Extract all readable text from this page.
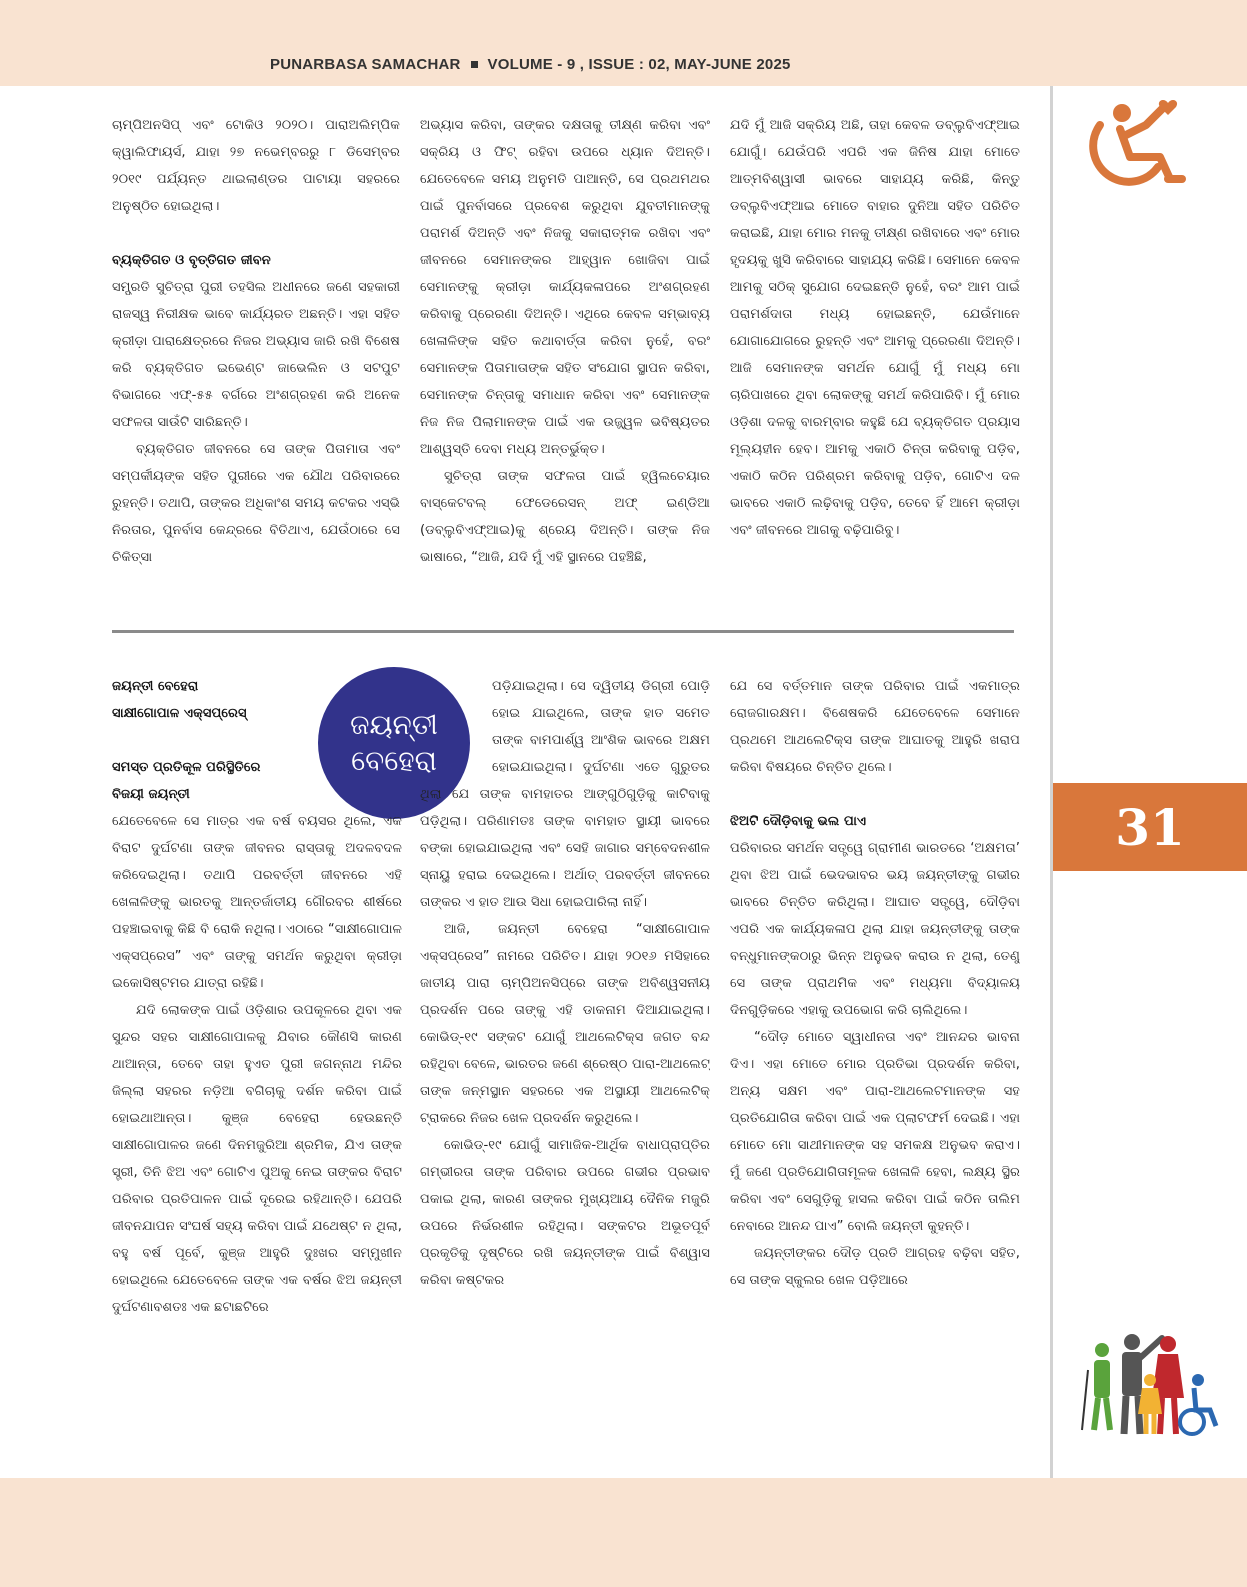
PUNARBASA SAMACHAR VOLUME - 9 , ISSUE : 02, MAY-JUNE 2025
31

ଚାମ୍ପିଅନସିପ୍ ଏବଂ ଟୋକିଓ ୨୦୨୦। ପାରାଅଲିମ୍ପିକ କ୍ୱାଲିଫାୟର୍ସ, ଯାହା ୨୭ ନଭେମ୍ବରରୁ ୮ ଡିସେମ୍ବର ୨୦୧୯ ପର୍ଯ୍ୟନ୍ତ ଥାଇଲାଣ୍ଡର ପାଟାୟା ସହରରେ ଅନୁଷ୍ଠିତ ହୋଇଥିଲା।

ବ୍ୟକ୍ତିଗତ ଓ ବୃତ୍ତିଗତ ଜୀବନ

ସମ୍ପ୍ରତି ସୁଚିତ୍ରା ପୁରୀ ତହସିଲ ଅଧୀନରେ ଜଣେ ସହକାରୀ ରାଜସ୍ୱ ନିରୀକ୍ଷକ ଭାବେ କାର୍ଯ୍ୟରତ ଅଛନ୍ତି। ଏହା ସହିତ କ୍ରୀଡ଼ା ପାରାକ୍ଷେତ୍ରରେ ନିଜର ଅଭ୍ୟାସ ଜାରି ରଖି ବିଶେଷ କରି ବ୍ୟକ୍ତିଗତ ଇଭେଣ୍ଟ ଜାଭେଲିନ ଓ ସଟପୁଟ ବିଭାଗରେ ଏଫ୍-୫୫ ବର୍ଗରେ ଅଂଶଗ୍ରହଣ କରି ଅନେକ ସଫଳତା ସାଉଁଟି ସାରିଛନ୍ତି।

ବ୍ୟକ୍ତିଗତ ଜୀବନରେ ସେ ତାଙ୍କ ପିତାମାତା ଏବଂ ସମ୍ପର୍କୀୟଙ୍କ ସହିତ ପୁରୀରେ ଏକ ଯୌଥ ପରିବାରରେ ରୁହନ୍ତି। ତଥାପି, ତାଙ୍କର ଅଧିକାଂଶ ସମୟ କଟକର ଏସ୍‌ଭି ନିରତାର, ପୁନର୍ବାସ କେନ୍ଦ୍ରରେ ବିତିଥାଏ, ଯେଉଁଠାରେ ସେ ଚିକିତ୍ସା

ଅଭ୍ୟାସ କରିବା, ତାଙ୍କର ଦକ୍ଷତାକୁ ତୀକ୍ଷ୍ଣ କରିବା ଏବଂ ସକ୍ରିୟ ଓ ଫିଟ୍ ରହିବା ଉପରେ ଧ୍ୟାନ ଦିଅନ୍ତି। ଯେତେବେଳେ ସମୟ ଅନୁମତି ପାଆନ୍ତି, ସେ ପ୍ରଥମଥର ପାଇଁ ପୁନର୍ବାସରେ ପ୍ରବେଶ କରୁଥିବା ଯୁବତୀମାନଙ୍କୁ ପରାମର୍ଶ ଦିଅନ୍ତି ଏବଂ ନିଜକୁ ସକାରାତ୍ମକ ରଖିବା ଏବଂ ଜୀବନରେ ସେମାନଙ୍କର ଆହ୍ୱାନ ଖୋଜିବା ପାଇଁ ସେମାନଙ୍କୁ କ୍ରୀଡ଼ା କାର୍ଯ୍ୟକଳାପରେ ଅଂଶଗ୍ରହଣ କରିବାକୁ ପ୍ରେରଣା ଦିଅନ୍ତି। ଏଥିରେ କେବଳ ସମ୍ଭାବ୍ୟ ଖେଳାଳିଙ୍କ ସହିତ କଥାବାର୍ତ୍ତା କରିବା ନୁହେଁ, ବରଂ ସେମାନଙ୍କ ପିତାମାତାଙ୍କ ସହିତ ସଂଯୋଗ ସ୍ଥାପନ କରିବା, ସେମାନଙ୍କ ଚିନ୍ତାକୁ ସମାଧାନ କରିବା ଏବଂ ସେମାନଙ୍କ ନିଜ ନିଜ ପିଲାମାନଙ୍କ ପାଇଁ ଏକ ଉଜ୍ଜ୍ୱଳ ଭବିଷ୍ୟତର ଆଶ୍ୱସ୍ତି ଦେବା ମଧ୍ୟ ଅନ୍ତର୍ଭୁକ୍ତ।

ସୁଚିତ୍ରା ତାଙ୍କ ସଫଳତା ପାଇଁ ହ୍ୱିଲଚେୟାର ବାସ୍କେଟବଲ୍ ଫେଡେରେସନ୍ ଅଫ୍ ଇଣ୍ଡିଆ (ଡବ୍ଲୁବିଏଫ୍‌ଆଇ)କୁ ଶ୍ରେୟ ଦିଅନ୍ତି। ତାଙ୍କ ନିଜ ଭାଷାରେ, “ଆଜି, ଯଦି ମୁଁ ଏହି ସ୍ଥାନରେ ପହଞ୍ଚିଛି,

ଯଦି ମୁଁ ଆଜି ସକ୍ରିୟ ଅଛି, ତାହା କେବଳ ଡବ୍ଲୁବିଏଫ୍‌ଆଇ ଯୋଗୁଁ। ଯେଉଁପରି ଏପରି ଏକ ଜିନିଷ ଯାହା ମୋତେ ଆତ୍ମବିଶ୍ୱାସୀ ଭାବରେ ସାହାଯ୍ୟ କରିଛି, କିନ୍ତୁ ଡବ୍ଲୁବିଏଫ୍‌ଆଇ ମୋତେ ବାହାର ଦୁନିଆ ସହିତ ପରିଚିତ କରାଇଛି, ଯାହା ମୋର ମନକୁ ତୀକ୍ଷ୍ଣ ରଖିବାରେ ଏବଂ ମୋର ହୃଦୟକୁ ଖୁସି କରିବାରେ ସାହାଯ୍ୟ କରିଛି। ସେମାନେ କେବଳ ଆମକୁ ସଠିକ୍ ସୁଯୋଗ ଦେଇଛନ୍ତି ନୁହେଁ, ବରଂ ଆମ ପାଇଁ ପରାମର୍ଶଦାତା ମଧ୍ୟ ହୋଇଛନ୍ତି, ଯେଉଁମାନେ ଯୋଗାଯୋଗରେ ରୁହନ୍ତି ଏବଂ ଆମକୁ ପ୍ରେରଣା ଦିଅନ୍ତି। ଆଜି ସେମାନଙ୍କ ସମର୍ଥନ ଯୋଗୁଁ ମୁଁ ମଧ୍ୟ ମୋ ଚାରିପାଖରେ ଥିବା ଲୋକଙ୍କୁ ସମର୍ଥ କରିପାରିବି। ମୁଁ ମୋର ଓଡ଼ିଶା ଦଳକୁ ବାରମ୍ବାର କହୁଛି ଯେ ବ୍ୟକ୍ତିଗତ ପ୍ରୟାସ ମୂଲ୍ୟହୀନ ହେବ। ଆମକୁ ଏକାଠି ଚିନ୍ତା କରିବାକୁ ପଡ଼ିବ, ଏକାଠି କଠିନ ପରିଶ୍ରମ କରିବାକୁ ପଡ଼ିବ, ଗୋଟିଏ ଦଳ ଭାବରେ ଏକାଠି ଲଢ଼ିବାକୁ ପଡ଼ିବ, ତେବେ ହିଁ ଆମେ କ୍ରୀଡ଼ା ଏବଂ ଜୀବନରେ ଆଗକୁ ବଢ଼ିପାରିବୁ।

ଜୟନ୍ତୀ
ବେହେରା

ଜୟନ୍ତୀ ବେହେରା

ସାକ୍ଷୀଗୋପାଳ ଏକ୍ସପ୍ରେସ୍

ସମସ୍ତ ପ୍ରତିକୂଳ ପରିସ୍ଥିତିରେ

ବିଜୟୀ ଜୟନ୍ତୀ

ଯେତେବେଳେ ସେ ମାତ୍ର ଏକ ବର୍ଷ ବୟସର ଥିଲେ, ଏକ ବିରାଟ ଦୁର୍ଘଟଣା ତାଙ୍କ ଜୀବନର ରାସ୍ତାକୁ ଅଦଳବଦଳ କରିଦେଇଥିଲା। ତଥାପି ପରବର୍ତ୍ତୀ ଜୀବନରେ ଏହି ଖେଳାଳିଙ୍କୁ ଭାରତକୁ ଆନ୍ତର୍ଜାତୀୟ ଗୌରବର ଶୀର୍ଷରେ ପହଞ୍ଚାଇବାକୁ କିଛି ବି ରୋକି ନଥିଲା। ଏଠାରେ “ସାକ୍ଷୀଗୋପାଳ ଏକ୍ସପ୍ରେସ” ଏବଂ ତାଙ୍କୁ ସମର୍ଥନ କରୁଥିବା କ୍ରୀଡ଼ା ଇକୋସିଷ୍ଟମର ଯାତ୍ରା ରହିଛି।

ଯଦି ଲୋକଙ୍କ ପାଇଁ ଓଡ଼ିଶାର ଉପକୂଳରେ ଥିବା ଏକ ସୁନ୍ଦର ସହର ସାକ୍ଷୀଗୋପାଳକୁ ଯିବାର କୌଣସି କାରଣ ଥାଆନ୍ତା, ତେବେ ତାହା ହୁଏତ ପୁରୀ ଜଗନ୍ନାଥ ମନ୍ଦିର ଜିଲ୍ଲା ସହରର ନଡ଼ିଆ ବଗିଚାକୁ ଦର୍ଶନ କରିବା ପାଇଁ ହୋଇଥାଆନ୍ତା। କୁଞ୍ଜ ବେହେରା ହେଉଛନ୍ତି ସାକ୍ଷୀଗୋପାଳର ଜଣେ ଦିନମଜୁରିଆ ଶ୍ରମିକ, ଯିଏ ତାଙ୍କ ସ୍ତ୍ରୀ, ତିନି ଝିଅ ଏବଂ ଗୋଟିଏ ପୁଅକୁ ନେଇ ତାଙ୍କର ବିରାଟ ପରିବାର ପ୍ରତିପାଳନ ପାଇଁ ଦୂରେଇ ରହିଥାନ୍ତି। ଯେପରି ଜୀବନଯାପନ ସଂଘର୍ଷ ସହ୍ୟ କରିବା ପାଇଁ ଯଥେଷ୍ଟ ନ ଥିଲା, ବହୁ ବର୍ଷ ପୂର୍ବେ, କୁଞ୍ଜ ଆହୁରି ଦୁଃଖର ସମ୍ମୁଖୀନ ହୋଇଥିଲେ ଯେତେବେଳେ ତାଙ୍କ ଏକ ବର୍ଷର ଝିଅ ଜୟନ୍ତୀ ଦୁର୍ଘଟଣାବଶତଃ ଏକ ଛଟାଛଟିରେ

ପଡ଼ିଯାଇଥିଲା। ସେ ଦ୍ୱିତୀୟ ଡିଗ୍ରୀ ପୋଡ଼ି ହୋଇ ଯାଇଥିଲେ, ତାଙ୍କ ହାତ ସମେତ ତାଙ୍କ ବାମପାର୍ଶ୍ୱ ଆଂଶିକ ଭାବରେ ଅକ୍ଷମ ହୋଇଯାଇଥିଲା। ଦୁର୍ଘଟଣା ଏତେ ଗୁରୁତର ଥିଲା ଯେ ତାଙ୍କ ବାମହାତର ଆଙ୍ଗୁଠିଗୁଡ଼ିକୁ କାଟିବାକୁ ପଡ଼ିଥିଲା। ପରିଣାମତଃ ତାଙ୍କ ବାମହାତ ସ୍ଥାୟୀ ଭାବରେ ବଙ୍କା ହୋଇଯାଇଥିଲା ଏବଂ ସେହି ଜାଗାର ସମ୍ବେଦନଶୀଳ ସ୍ନାୟୁ ହରାଇ ଦେଇଥିଲେ। ଅର୍ଥାତ୍ ପରବର୍ତ୍ତୀ ଜୀବନରେ ତାଙ୍କର ଏ ହାତ ଆଉ ସିଧା ହୋଇପାରିଲା ନାହିଁ।

ଆଜି, ଜୟନ୍ତୀ ବେହେରା “ସାକ୍ଷୀଗୋପାଳ ଏକ୍ସପ୍ରେସ” ନାମରେ ପରିଚିତ। ଯାହା ୨୦୧୬ ମସିହାରେ ଜାତୀୟ ପାରା ଚାମ୍ପିଅନସିପ୍‌ରେ ତାଙ୍କ ଅବିଶ୍ୱସନୀୟ ପ୍ରଦର୍ଶନ ପରେ ତାଙ୍କୁ ଏହି ଡାକନାମ ଦିଆଯାଇଥିଲା। କୋଭିଡ୍-୧୯ ସଙ୍କଟ ଯୋଗୁଁ ଆଥଲେଟିକ୍ସ ଜଗତ ବନ୍ଦ ରହିଥିବା ବେଳେ, ଭାରତର ଜଣେ ଶ୍ରେଷ୍ଠ ପାରା-ଆଥଲେଟ୍ ତାଙ୍କ ଜନ୍ମସ୍ଥାନ ସହରରେ ଏକ ଅସ୍ଥାୟୀ ଆଥଲେଟିକ୍ ଟ୍ରାକରେ ନିଜର ଖେଳ ପ୍ରଦର୍ଶନ କରୁଥିଲେ।

କୋଭିଡ୍-୧୯ ଯୋଗୁଁ ସାମାଜିକ-ଆର୍ଥିକ ବାଧାପ୍ରାପ୍ତିର ଗମ୍ଭୀରତା ତାଙ୍କ ପରିବାର ଉପରେ ଗଭୀର ପ୍ରଭାବ ପକାଇ ଥିଲା, କାରଣ ତାଙ୍କର ମୁଖ୍ୟଆୟ ଦୈନିକ ମଜୁରି ଉପରେ ନିର୍ଭରଶୀଳ ରହିଥିଲା। ସଙ୍କଟର ଅଭୂତପୂର୍ବ ପ୍ରକୃତିକୁ ଦୃଷ୍ଟିରେ ରଖି ଜୟନ୍ତୀଙ୍କ ପାଇଁ ବିଶ୍ୱାସ କରିବା କଷ୍ଟକର

ଯେ ସେ ବର୍ତ୍ତମାନ ତାଙ୍କ ପରିବାର ପାଇଁ ଏକମାତ୍ର ରୋଜଗାରକ୍ଷମ। ବିଶେଷକରି ଯେତେବେଳେ ସେମାନେ ପ୍ରଥମେ ଆଥଲେଟିକ୍ସ ତାଙ୍କ ଆଘାତକୁ ଆହୁରି ଖରାପ କରିବା ବିଷୟରେ ଚିନ୍ତିତ ଥିଲେ।

ଝିଅଟି ଦୌଡ଼ିବାକୁ ଭଲ ପାଏ

ପରିବାରର ସମର୍ଥନ ସତ୍ତ୍ୱେ ଗ୍ରାମୀଣ ଭାରତରେ ‘ଅକ୍ଷମତା’ ଥିବା ଝିଅ ପାଇଁ ଭେଦଭାବର ଭୟ ଜୟନ୍ତୀଙ୍କୁ ଗଭୀର ଭାବରେ ଚିନ୍ତିତ କରିଥିଲା। ଆଘାତ ସତ୍ତ୍ୱେ, ଦୌଡ଼ିବା ଏପରି ଏକ କାର୍ଯ୍ୟକଳାପ ଥିଲା ଯାହା ଜୟନ୍ତୀଙ୍କୁ ତାଙ୍କ ବନ୍ଧୁମାନଙ୍କଠାରୁ ଭିନ୍ନ ଅନୁଭବ କରାଉ ନ ଥିଲା, ତେଣୁ ସେ ତାଙ୍କ ପ୍ରାଥମିକ ଏବଂ ମଧ୍ୟମା ବିଦ୍ୟାଳୟ ଦିନଗୁଡ଼ିକରେ ଏହାକୁ ଉପଭୋଗ କରି ଚାଲିଥିଲେ।

“ଦୌଡ଼ ମୋତେ ସ୍ୱାଧୀନତା ଏବଂ ଆନନ୍ଦର ଭାବନା ଦିଏ। ଏହା ମୋତେ ମୋର ପ୍ରତିଭା ପ୍ରଦର୍ଶନ କରିବା, ଅନ୍ୟ ସକ୍ଷମ ଏବଂ ପାରା-ଆଥଲେଟମାନଙ୍କ ସହ ପ୍ରତିଯୋଗିତା କରିବା ପାଇଁ ଏକ ପ୍ଲାଟଫର୍ମ ଦେଇଛି। ଏହା ମୋତେ ମୋ ସାଥୀମାନଙ୍କ ସହ ସମକକ୍ଷ ଅନୁଭବ କରାଏ। ମୁଁ ଜଣେ ପ୍ରତିଯୋଗିତାମୂଳକ ଖେଳାଳି ହେବା, ଲକ୍ଷ୍ୟ ସ୍ଥିର କରିବା ଏବଂ ସେଗୁଡ଼ିକୁ ହାସଲ କରିବା ପାଇଁ କଠିନ ତାଲିମ ନେବାରେ ଆନନ୍ଦ ପାଏ” ବୋଲି ଜୟନ୍ତୀ କୁହନ୍ତି।

ଜୟନ୍ତୀଙ୍କର ଦୌଡ଼ ପ୍ରତି ଆଗ୍ରହ ବଢ଼ିବା ସହିତ, ସେ ତାଙ୍କ ସ୍କୁଲର ଖେଳ ପଡ଼ିଆରେ
